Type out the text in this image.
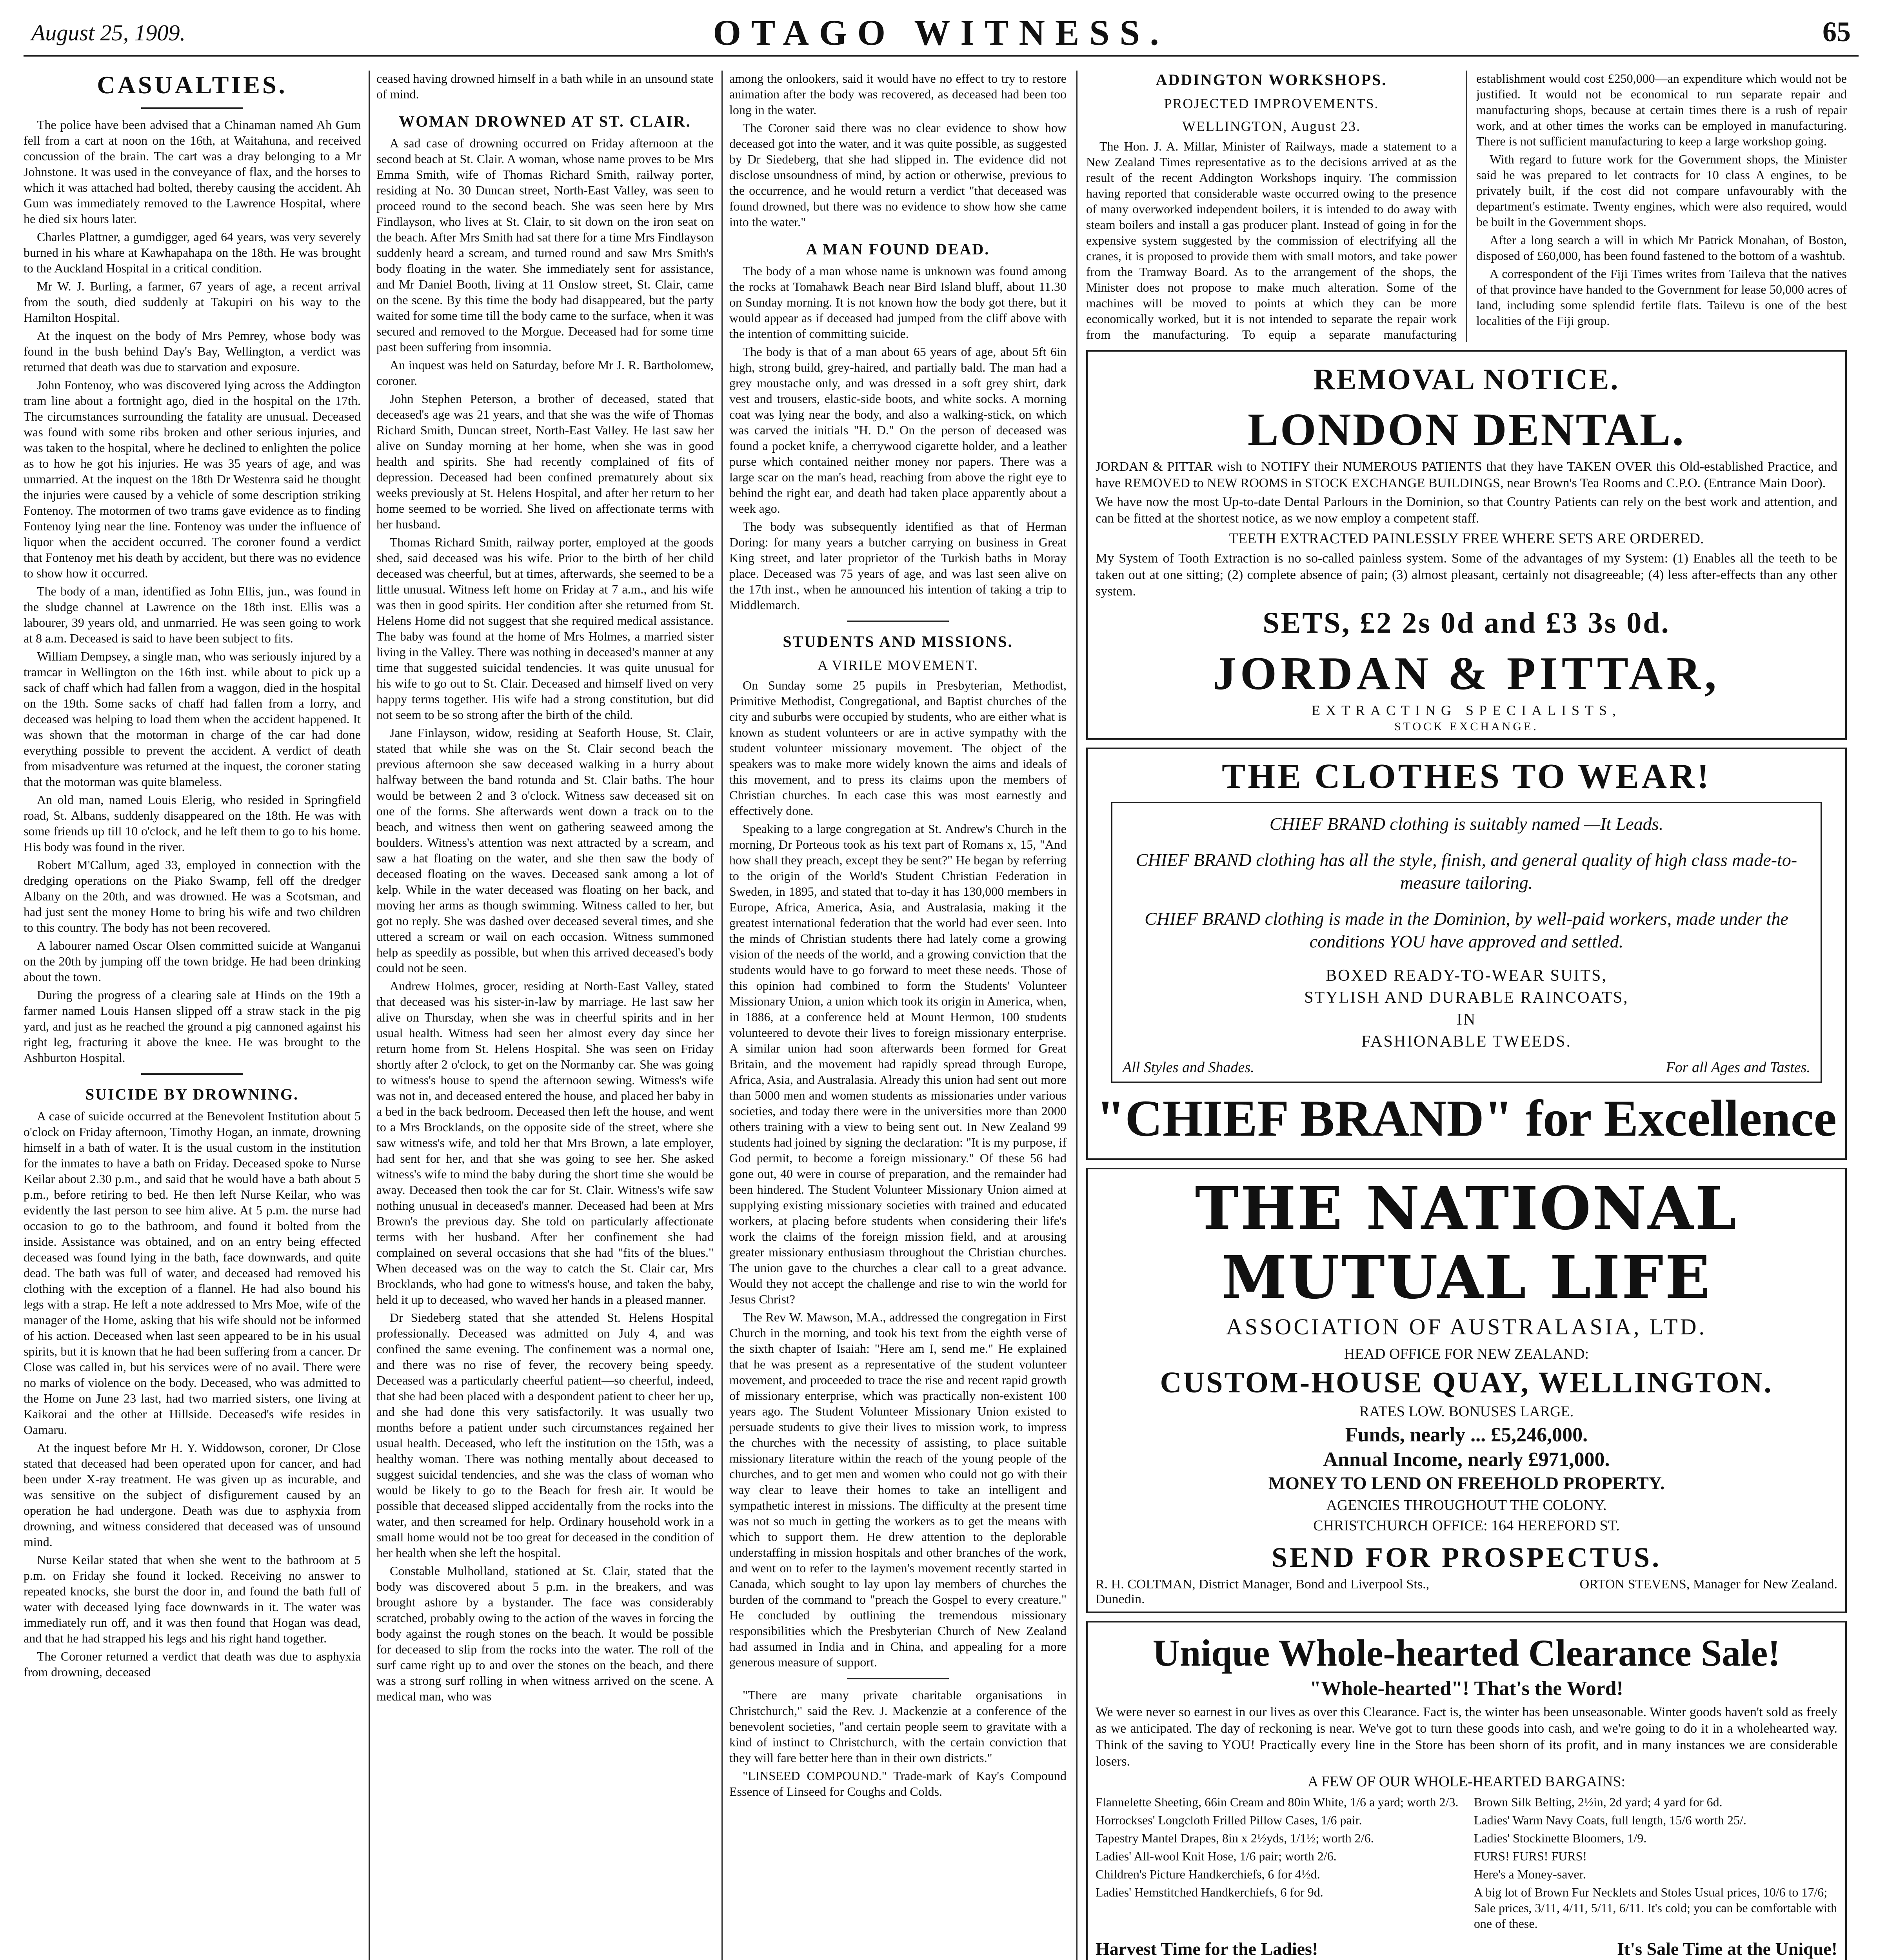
August 25, 1909.	OTAGO WITNESS.	65
CASUALTIES.

The police have been advised that a Chinaman named Ah Gum fell from a cart at noon on the 16th, at Waitahuna, and received concussion of the brain. The cart was a dray belonging to a Mr Johnstone. It was used in the conveyance of flax, and the horses to which it was attached had bolted, thereby causing the accident. Ah Gum was immediately removed to the Lawrence Hospital, where he died six hours later.

Charles Plattner, a gumdigger, aged 64 years, was very severely burned in his whare at Kawhapahapa on the 18th. He was brought to the Auckland Hospital in a critical condition.

Mr W. J. Burling, a farmer, 67 years of age, a recent arrival from the south, died suddenly at Takupiri on his way to the Hamilton Hospital.

At the inquest on the body of Mrs Pemrey, whose body was found in the bush behind Day's Bay, Wellington, a verdict was returned that death was due to starvation and exposure.

John Fontenoy, who was discovered lying across the Addington tram line about a fortnight ago, died in the hospital on the 17th. The circumstances surrounding the fatality are unusual. Deceased was found with some ribs broken and other serious injuries, and was taken to the hospital, where he declined to enlighten the police as to how he got his injuries. He was 35 years of age, and was unmarried. At the inquest on the 18th Dr Westenra said he thought the injuries were caused by a vehicle of some description striking Fontenoy. The motormen of two trams gave evidence as to finding Fontenoy lying near the line. Fontenoy was under the influence of liquor when the accident occurred. The coroner found a verdict that Fontenoy met his death by accident, but there was no evidence to show how it occurred.

The body of a man, identified as John Ellis, jun., was found in the sludge channel at Lawrence on the 18th inst. Ellis was a labourer, 39 years old, and unmarried. He was seen going to work at 8 a.m. Deceased is said to have been subject to fits.

William Dempsey, a single man, who was seriously injured by a tramcar in Wellington on the 16th inst. while about to pick up a sack of chaff which had fallen from a waggon, died in the hospital on the 19th. Some sacks of chaff had fallen from a lorry, and deceased was helping to load them when the accident happened. It was shown that the motorman in charge of the car had done everything possible to prevent the accident. A verdict of death from misadventure was returned at the inquest, the coroner stating that the motorman was quite blameless.

An old man, named Louis Elerig, who resided in Springfield road, St. Albans, suddenly disappeared on the 18th. He was with some friends up till 10 o'clock, and he left them to go to his home. His body was found in the river.

Robert M'Callum, aged 33, employed in connection with the dredging operations on the Piako Swamp, fell off the dredger Albany on the 20th, and was drowned. He was a Scotsman, and had just sent the money Home to bring his wife and two children to this country. The body has not been recovered.

A labourer named Oscar Olsen committed suicide at Wanganui on the 20th by jumping off the town bridge. He had been drinking about the town.

During the progress of a clearing sale at Hinds on the 19th a farmer named Louis Hansen slipped off a straw stack in the pig yard, and just as he reached the ground a pig cannoned against his right leg, fracturing it above the knee. He was brought to the Ashburton Hospital.

SUICIDE BY DROWNING.

A case of suicide occurred at the Benevolent Institution about 5 o'clock on Friday afternoon, Timothy Hogan, an inmate, drowning himself in a bath of water. It is the usual custom in the institution for the inmates to have a bath on Friday. Deceased spoke to Nurse Keilar about 2.30 p.m., and said that he would have a bath about 5 p.m., before retiring to bed. He then left Nurse Keilar, who was evidently the last person to see him alive. At 5 p.m. the nurse had occasion to go to the bathroom, and found it bolted from the inside. Assistance was obtained, and on an entry being effected deceased was found lying in the bath, face downwards, and quite dead. The bath was full of water, and deceased had removed his clothing with the exception of a flannel. He had also bound his legs with a strap. He left a note addressed to Mrs Moe, wife of the manager of the Home, asking that his wife should not be informed of his action. Deceased when last seen appeared to be in his usual spirits, but it is known that he had been suffering from a cancer. Dr Close was called in, but his services were of no avail. There were no marks of violence on the body. Deceased, who was admitted to the Home on June 23 last, had two married sisters, one living at Kaikorai and the other at Hillside. Deceased's wife resides in Oamaru.

At the inquest before Mr H. Y. Widdowson, coroner, Dr Close stated that deceased had been operated upon for cancer, and had been under X-ray treatment. He was given up as incurable, and was sensitive on the subject of disfigurement caused by an operation he had undergone. Death was due to asphyxia from drowning, and witness considered that deceased was of unsound mind.

Nurse Keilar stated that when she went to the bathroom at 5 p.m. on Friday she found it locked. Receiving no answer to repeated knocks, she burst the door in, and found the bath full of water with deceased lying face downwards in it. The water was immediately run off, and it was then found that Hogan was dead, and that he had strapped his legs and his right hand together.

The Coroner returned a verdict that death was due to asphyxia from drowning, deceased

ceased having drowned himself in a bath while in an unsound state of mind.

WOMAN DROWNED AT ST. CLAIR.

A sad case of drowning occurred on Friday afternoon at the second beach at St. Clair. A woman, whose name proves to be Mrs Emma Smith, wife of Thomas Richard Smith, railway porter, residing at No. 30 Duncan street, North-East Valley, was seen to proceed round to the second beach. She was seen here by Mrs Findlayson, who lives at St. Clair, to sit down on the iron seat on the beach. After Mrs Smith had sat there for a time Mrs Findlayson suddenly heard a scream, and turned round and saw Mrs Smith's body floating in the water. She immediately sent for assistance, and Mr Daniel Booth, living at 11 Onslow street, St. Clair, came on the scene. By this time the body had disappeared, but the party waited for some time till the body came to the surface, when it was secured and removed to the Morgue. Deceased had for some time past been suffering from insomnia.

An inquest was held on Saturday, before Mr J. R. Bartholomew, coroner.

John Stephen Peterson, a brother of deceased, stated that deceased's age was 21 years, and that she was the wife of Thomas Richard Smith, Duncan street, North-East Valley. He last saw her alive on Sunday morning at her home, when she was in good health and spirits. She had recently complained of fits of depression. Deceased had been confined prematurely about six weeks previously at St. Helens Hospital, and after her return to her home seemed to be worried. She lived on affectionate terms with her husband.

Thomas Richard Smith, railway porter, employed at the goods shed, said deceased was his wife. Prior to the birth of her child deceased was cheerful, but at times, afterwards, she seemed to be a little unusual. Witness left home on Friday at 7 a.m., and his wife was then in good spirits. Her condition after she returned from St. Helens Home did not suggest that she required medical assistance. The baby was found at the home of Mrs Holmes, a married sister living in the Valley. There was nothing in deceased's manner at any time that suggested suicidal tendencies. It was quite unusual for his wife to go out to St. Clair. Deceased and himself lived on very happy terms together. His wife had a strong constitution, but did not seem to be so strong after the birth of the child.

Jane Finlayson, widow, residing at Seaforth House, St. Clair, stated that while she was on the St. Clair second beach the previous afternoon she saw deceased walking in a hurry about halfway between the band rotunda and St. Clair baths. The hour would be between 2 and 3 o'clock. Witness saw deceased sit on one of the forms. She afterwards went down a track on to the beach, and witness then went on gathering seaweed among the boulders. Witness's attention was next attracted by a scream, and saw a hat floating on the water, and she then saw the body of deceased floating on the waves. Deceased sank among a lot of kelp. While in the water deceased was floating on her back, and moving her arms as though swimming. Witness called to her, but got no reply. She was dashed over deceased several times, and she uttered a scream or wail on each occasion. Witness summoned help as speedily as possible, but when this arrived deceased's body could not be seen.

Andrew Holmes, grocer, residing at North-East Valley, stated that deceased was his sister-in-law by marriage. He last saw her alive on Thursday, when she was in cheerful spirits and in her usual health. Witness had seen her almost every day since her return home from St. Helens Hospital. She was seen on Friday shortly after 2 o'clock, to get on the Normanby car. She was going to witness's house to spend the afternoon sewing. Witness's wife was not in, and deceased entered the house, and placed her baby in a bed in the back bedroom. Deceased then left the house, and went to a Mrs Brocklands, on the opposite side of the street, where she saw witness's wife, and told her that Mrs Brown, a late employer, had sent for her, and that she was going to see her. She asked witness's wife to mind the baby during the short time she would be away. Deceased then took the car for St. Clair. Witness's wife saw nothing unusual in deceased's manner. Deceased had been at Mrs Brown's the previous day. She told on particularly affectionate terms with her husband. After her confinement she had complained on several occasions that she had "fits of the blues." When deceased was on the way to catch the St. Clair car, Mrs Brocklands, who had gone to witness's house, and taken the baby, held it up to deceased, who waved her hands in a pleased manner.

Dr Siedeberg stated that she attended St. Helens Hospital professionally. Deceased was admitted on July 4, and was confined the same evening. The confinement was a normal one, and there was no rise of fever, the recovery being speedy. Deceased was a particularly cheerful patient—so cheerful, indeed, that she had been placed with a despondent patient to cheer her up, and she had done this very satisfactorily. It was usually two months before a patient under such circumstances regained her usual health. Deceased, who left the institution on the 15th, was a healthy woman. There was nothing mentally about deceased to suggest suicidal tendencies, and she was the class of woman who would be likely to go to the Beach for fresh air. It would be possible that deceased slipped accidentally from the rocks into the water, and then screamed for help. Ordinary household work in a small home would not be too great for deceased in the condition of her health when she left the hospital.

Constable Mulholland, stationed at St. Clair, stated that the body was discovered about 5 p.m. in the breakers, and was brought ashore by a bystander. The face was considerably scratched, probably owing to the action of the waves in forcing the body against the rough stones on the beach. It would be possible for deceased to slip from the rocks into the water. The roll of the surf came right up to and over the stones on the beach, and there was a strong surf rolling in when witness arrived on the scene. A medical man, who was

among the onlookers, said it would have no effect to try to restore animation after the body was recovered, as deceased had been too long in the water.

The Coroner said there was no clear evidence to show how deceased got into the water, and it was quite possible, as suggested by Dr Siedeberg, that she had slipped in. The evidence did not disclose unsoundness of mind, by action or otherwise, previous to the occurrence, and he would return a verdict "that deceased was found drowned, but there was no evidence to show how she came into the water."

A MAN FOUND DEAD.

The body of a man whose name is unknown was found among the rocks at Tomahawk Beach near Bird Island bluff, about 11.30 on Sunday morning. It is not known how the body got there, but it would appear as if deceased had jumped from the cliff above with the intention of committing suicide.

The body is that of a man about 65 years of age, about 5ft 6in high, strong build, grey-haired, and partially bald. The man had a grey moustache only, and was dressed in a soft grey shirt, dark vest and trousers, elastic-side boots, and white socks. A morning coat was lying near the body, and also a walking-stick, on which was carved the initials "H. D." On the person of deceased was found a pocket knife, a cherrywood cigarette holder, and a leather purse which contained neither money nor papers. There was a large scar on the man's head, reaching from above the right eye to behind the right ear, and death had taken place apparently about a week ago.

The body was subsequently identified as that of Herman Doring: for many years a butcher carrying on business in Great King street, and later proprietor of the Turkish baths in Moray place. Deceased was 75 years of age, and was last seen alive on the 17th inst., when he announced his intention of taking a trip to Middlemarch.

STUDENTS AND MISSIONS.
A VIRILE MOVEMENT.

On Sunday some 25 pupils in Presbyterian, Methodist, Primitive Methodist, Congregational, and Baptist churches of the city and suburbs were occupied by students, who are either what is known as student volunteers or are in active sympathy with the student volunteer missionary movement. The object of the speakers was to make more widely known the aims and ideals of this movement, and to press its claims upon the members of Christian churches. In each case this was most earnestly and effectively done.

Speaking to a large congregation at St. Andrew's Church in the morning, Dr Porteous took as his text part of Romans x, 15, "And how shall they preach, except they be sent?" He began by referring to the origin of the World's Student Christian Federation in Sweden, in 1895, and stated that to-day it has 130,000 members in Europe, Africa, America, Asia, and Australasia, making it the greatest international federation that the world had ever seen. Into the minds of Christian students there had lately come a growing vision of the needs of the world, and a growing conviction that the students would have to go forward to meet these needs. Those of this opinion had combined to form the Students' Volunteer Missionary Union, a union which took its origin in America, when, in 1886, at a conference held at Mount Hermon, 100 students volunteered to devote their lives to foreign missionary enterprise. A similar union had soon afterwards been formed for Great Britain, and the movement had rapidly spread through Europe, Africa, Asia, and Australasia. Already this union had sent out more than 5000 men and women students as missionaries under various societies, and today there were in the universities more than 2000 others training with a view to being sent out. In New Zealand 99 students had joined by signing the declaration: "It is my purpose, if God permit, to become a foreign missionary." Of these 56 had gone out, 40 were in course of preparation, and the remainder had been hindered. The Student Volunteer Missionary Union aimed at supplying existing missionary societies with trained and educated workers, at placing before students when considering their life's work the claims of the foreign mission field, and at arousing greater missionary enthusiasm throughout the Christian churches. The union gave to the churches a clear call to a great advance. Would they not accept the challenge and rise to win the world for Jesus Christ?

The Rev W. Mawson, M.A., addressed the congregation in First Church in the morning, and took his text from the eighth verse of the sixth chapter of Isaiah: "Here am I, send me." He explained that he was present as a representative of the student volunteer movement, and proceeded to trace the rise and recent rapid growth of missionary enterprise, which was practically non-existent 100 years ago. The Student Volunteer Missionary Union existed to persuade students to give their lives to mission work, to impress the churches with the necessity of assisting, to place suitable missionary literature within the reach of the young people of the churches, and to get men and women who could not go with their way clear to leave their homes to take an intelligent and sympathetic interest in missions. The difficulty at the present time was not so much in getting the workers as to get the means with which to support them. He drew attention to the deplorable understaffing in mission hospitals and other branches of the work, and went on to refer to the laymen's movement recently started in Canada, which sought to lay upon lay members of churches the burden of the command to "preach the Gospel to every creature." He concluded by outlining the tremendous missionary responsibilities which the Presbyterian Church of New Zealand had assumed in India and in China, and appealing for a more generous measure of support.

"There are many private charitable organisations in Christchurch," said the Rev. J. Mackenzie at a conference of the benevolent societies, "and certain people seem to gravitate with a kind of instinct to Christchurch, with the certain conviction that they will fare better here than in their own districts."

"LINSEED COMPOUND." Trade-mark of Kay's Compound Essence of Linseed for Coughs and Colds.

ADDINGTON WORKSHOPS.
PROJECTED IMPROVEMENTS.
WELLINGTON, August 23.

The Hon. J. A. Millar, Minister of Railways, made a statement to a New Zealand Times representative as to the decisions arrived at as the result of the recent Addington Workshops inquiry. The commission having reported that considerable waste occurred owing to the presence of many overworked independent boilers, it is intended to do away with steam boilers and install a gas producer plant. Instead of going in for the expensive system suggested by the commission of electrifying all the cranes, it is proposed to provide them with small motors, and take power from the Tramway Board. As to the arrangement of the shops, the Minister does not propose to make much alteration. Some of the machines will be moved to points at which they can be more economically worked, but it is not intended to separate the repair work from the manufacturing. To equip a separate manufacturing establishment would cost £250,000—an expenditure which would not be justified. It would not be economical to run separate repair and manufacturing shops, because at certain times there is a rush of repair work, and at other times the works can be employed in manufacturing. There is not sufficient manufacturing to keep a large workshop going.

With regard to future work for the Government shops, the Minister said he was prepared to let contracts for 10 class A engines, to be privately built, if the cost did not compare unfavourably with the department's estimate. Twenty engines, which were also required, would be built in the Government shops.

After a long search a will in which Mr Patrick Monahan, of Boston, disposed of £60,000, has been found fastened to the bottom of a washtub.

A correspondent of the Fiji Times writes from Taileva that the natives of that province have handed to the Government for lease 50,000 acres of land, including some splendid fertile flats. Tailevu is one of the best localities of the Fiji group.

REMOVAL NOTICE.
LONDON DENTAL.
JORDAN & PITTAR wish to NOTIFY their NUMEROUS PATIENTS that they have TAKEN OVER this Old-established Practice, and have REMOVED to NEW ROOMS in STOCK EXCHANGE BUILDINGS, near Brown's Tea Rooms and C.P.O. (Entrance Main Door).
We have now the most Up-to-date Dental Parlours in the Dominion, so that Country Patients can rely on the best work and attention, and can be fitted at the shortest notice, as we now employ a competent staff.
TEETH EXTRACTED PAINLESSLY FREE WHERE SETS ARE ORDERED.
My System of Tooth Extraction is no so-called painless system. Some of the advantages of my System: (1) Enables all the teeth to be taken out at one sitting; (2) complete absence of pain; (3) almost pleasant, certainly not disagreeable; (4) less after-effects than any other system.
SETS, £2 2s 0d and £3 3s 0d.
JORDAN & PITTAR,
EXTRACTING SPECIALISTS,
STOCK EXCHANGE.
THE CLOTHES TO WEAR!
CHIEF BRAND clothing is suitably named —It Leads.
CHIEF BRAND clothing has all the style, finish, and general quality of high class made-to-measure tailoring.
CHIEF BRAND clothing is made in the Dominion, by well-paid workers, made under the conditions YOU have approved and settled.
BOXED READY-TO-WEAR SUITS,
STYLISH AND DURABLE RAINCOATS,
IN
FASHIONABLE TWEEDS.
All Styles and Shades.	For all Ages and Tastes.
"CHIEF BRAND" for Excellence
THE NATIONAL MUTUAL LIFE
ASSOCIATION OF AUSTRALASIA, LTD.
HEAD OFFICE FOR NEW ZEALAND:
CUSTOM-HOUSE QUAY, WELLINGTON.
RATES LOW. BONUSES LARGE.
Funds, nearly ... £5,246,000.
Annual Income, nearly £971,000.
MONEY TO LEND ON FREEHOLD PROPERTY.
AGENCIES THROUGHOUT THE COLONY.
CHRISTCHURCH OFFICE: 164 HEREFORD ST.
SEND FOR PROSPECTUS.
R. H. COLTMAN, District Manager, Bond and Liverpool Sts., Dunedin.
ORTON STEVENS, Manager for New Zealand.
Unique Whole-hearted Clearance Sale!
"Whole-hearted"! That's the Word!
We were never so earnest in our lives as over this Clearance. Fact is, the winter has been unseasonable. Winter goods haven't sold as freely as we anticipated. The day of reckoning is near. We've got to turn these goods into cash, and we're going to do it in a wholehearted way. Think of the saving to YOU! Practically every line in the Store has been shorn of its profit, and in many instances we are considerable losers.
A FEW OF OUR WHOLE-HEARTED BARGAINS:
Flannelette Sheeting, 66in Cream and 80in White, 1/6 a yard; worth 2/3.
Horrockses' Longcloth Frilled Pillow Cases, 1/6 pair.
Tapestry Mantel Drapes, 8in x 2½yds, 1/1½; worth 2/6.
Ladies' All-wool Knit Hose, 1/6 pair; worth 2/6.
Children's Picture Handkerchiefs, 6 for 4½d.
Ladies' Hemstitched Handkerchiefs, 6 for 9d.
Brown Silk Belting, 2½in, 2d yard; 4 yard for 6d.
Ladies' Warm Navy Coats, full length, 15/6 worth 25/.
Ladies' Stockinette Bloomers, 1/9.
FURS! FURS! FURS!
Here's a Money-saver.
A big lot of Brown Fur Necklets and Stoles Usual prices, 10/6 to 17/6; Sale prices, 3/11, 4/11, 5/11, 6/11. It's cold; you can be comfortable with one of these.
Harvest Time for the Ladies!	It's Sale Time at the Unique!
